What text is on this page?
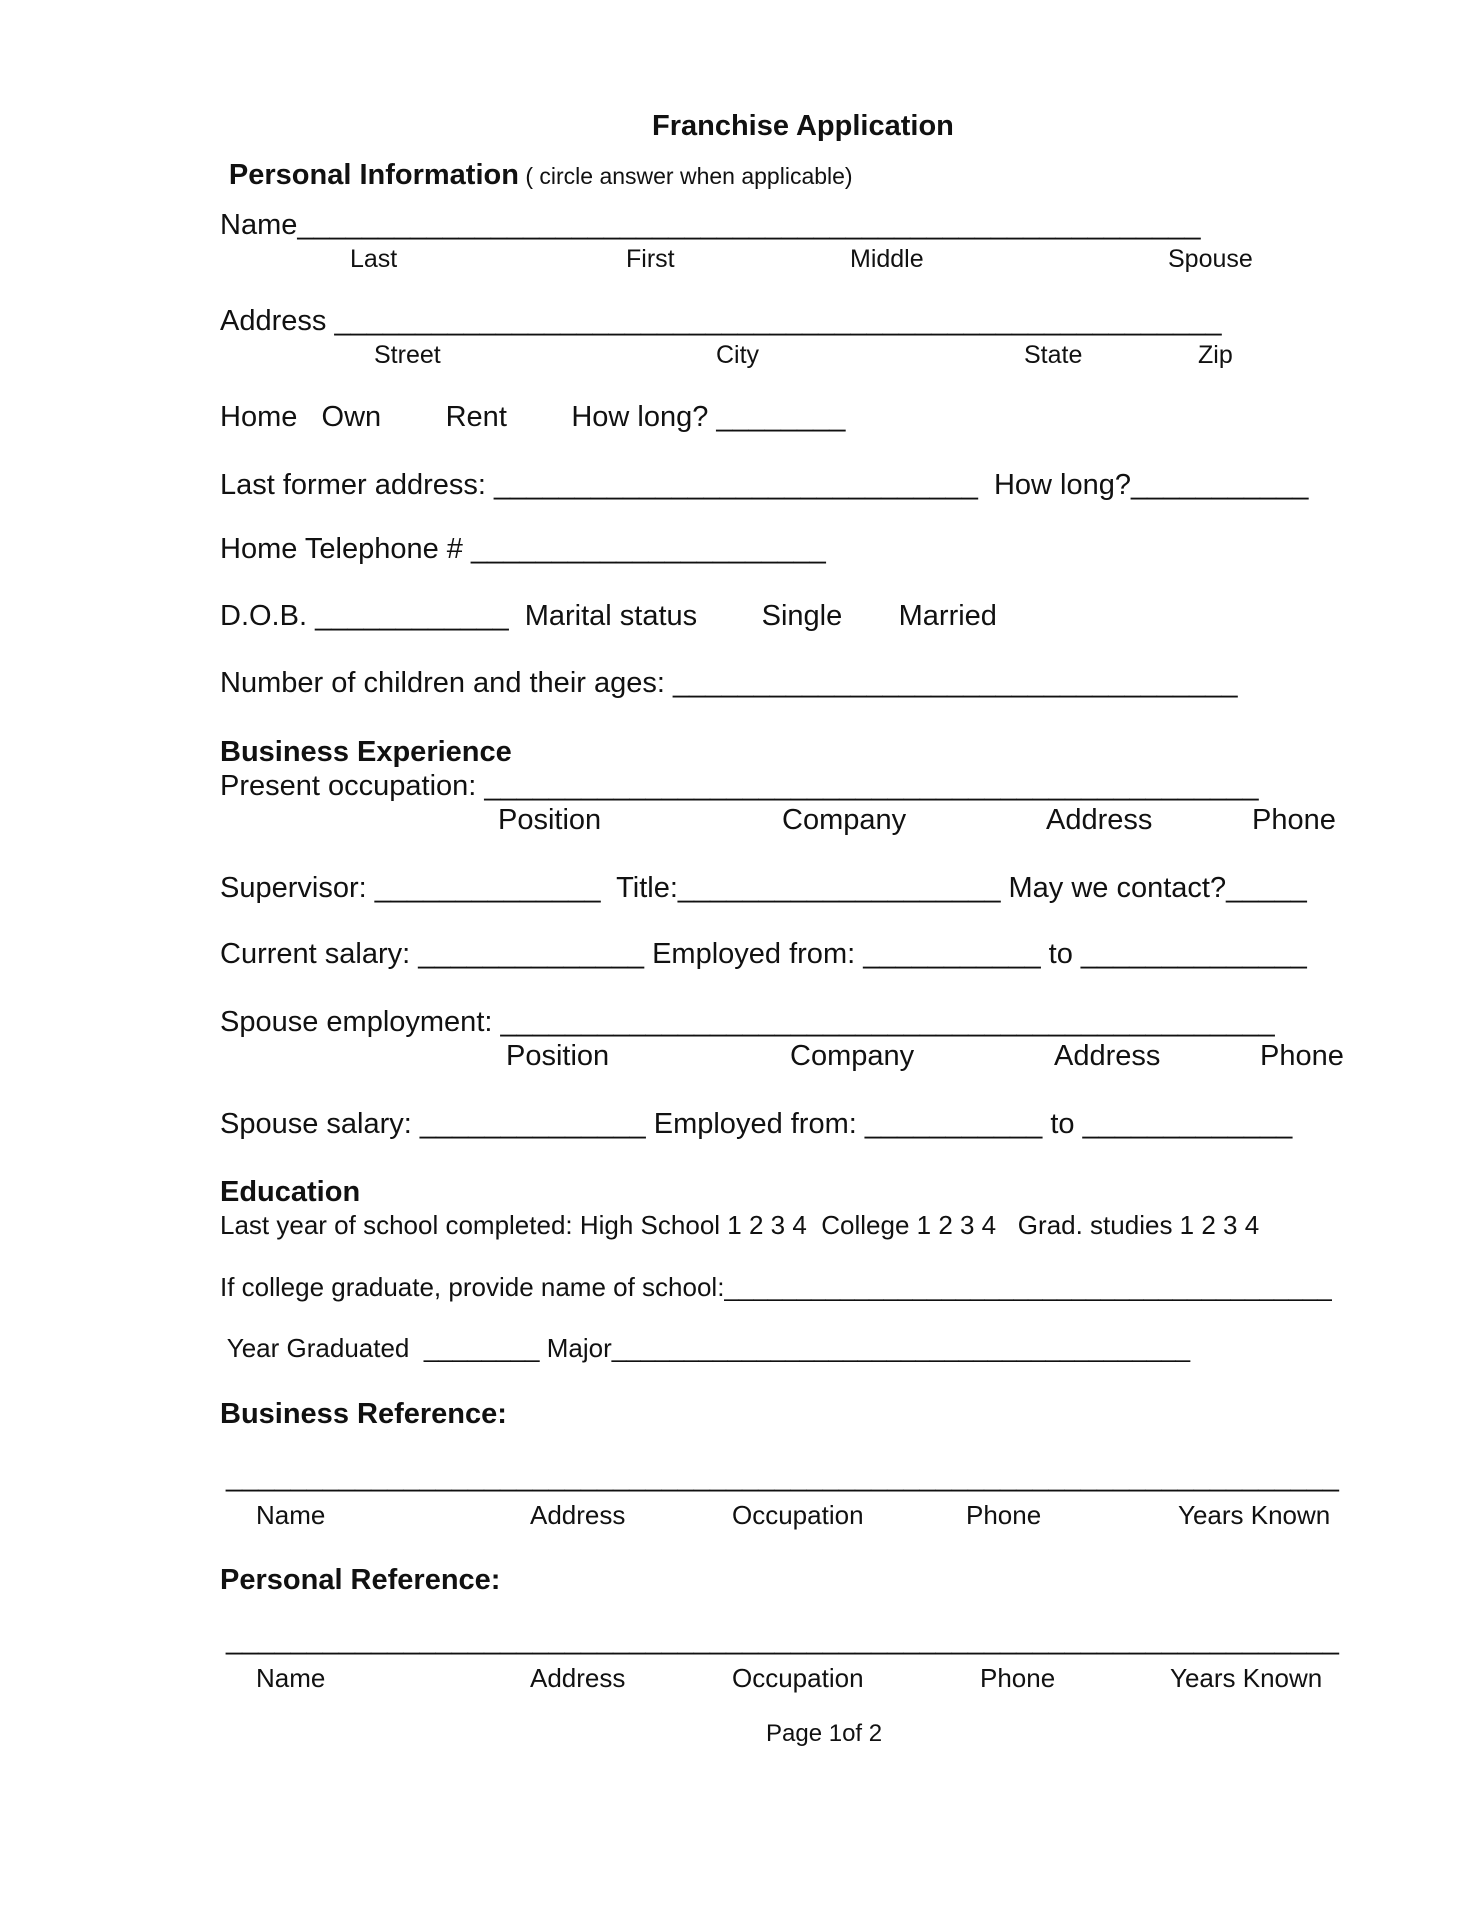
Franchise Application

Personal Information ( circle answer when applicable)

Name________________________________________________________
Last	First	Middle	Spouse
Address _______________________________________________________
Street	City	State	Zip
Home   Own        Rent        How long? ________
Last former address: ______________________________  How long?___________
Home Telephone # ______________________
D.O.B. ____________  Marital status        Single       Married
Number of children and their ages: ___________________________________
Business Experience
Present occupation: ________________________________________________
Position	Company	Address	Phone
Supervisor: ______________  Title:____________________ May we contact?_____
Current salary: ______________ Employed from: ___________ to ______________
Spouse employment: ________________________________________________
Position	Company	Address	Phone
Spouse salary: ______________ Employed from: ___________ to _____________
Education
Last year of school completed: High School 1 2 3 4  College 1 2 3 4   Grad. studies 1 2 3 4
If college graduate, provide name of school:__________________________________________
Year Graduated  ________ Major________________________________________
Business Reference:
_____________________________________________________________________
Name	Address	Occupation	Phone	Years Known
Personal Reference:
_____________________________________________________________________
Name	Address	Occupation	Phone	Years Known
Page 1of 2
